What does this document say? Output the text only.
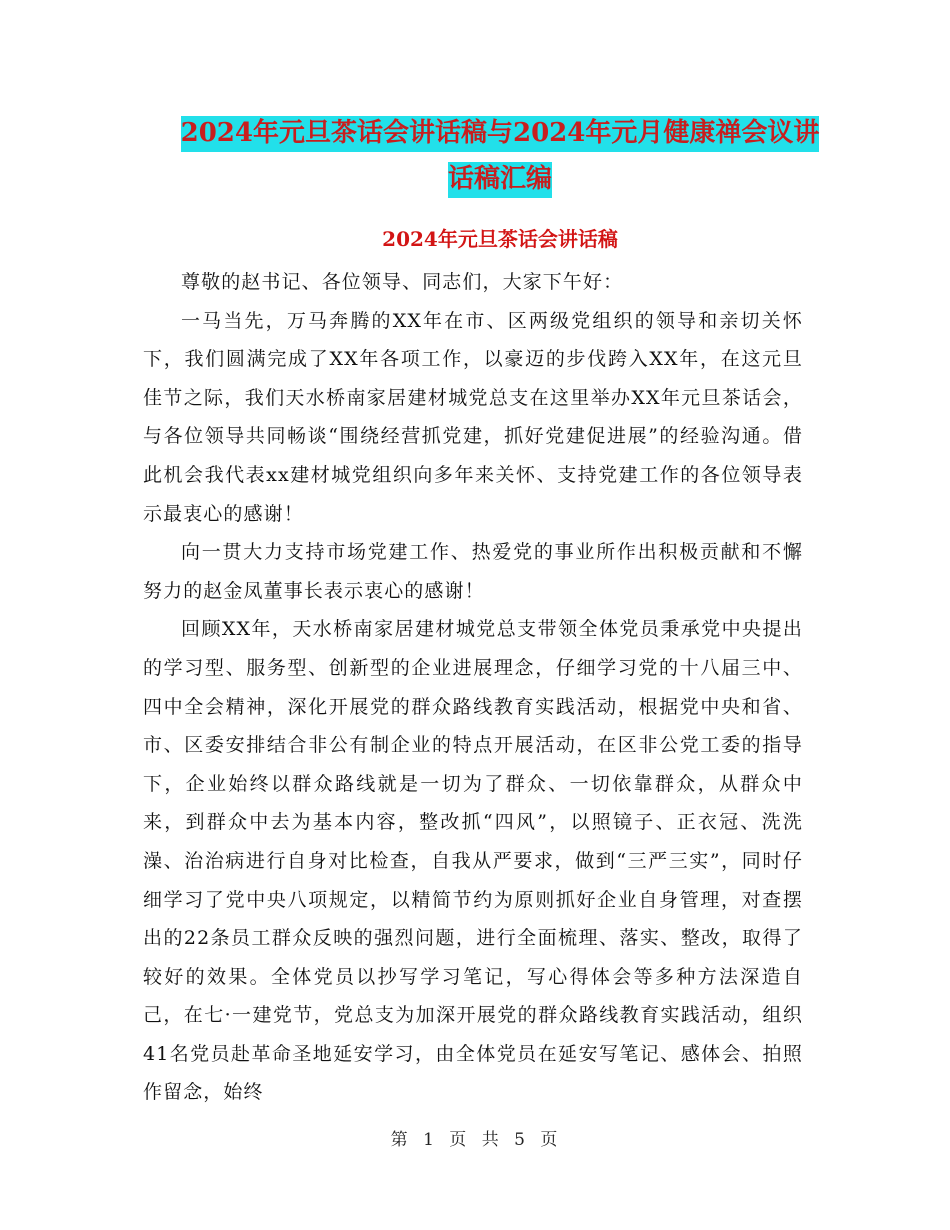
2024年元旦茶话会讲话稿与2024年元月健康禅会议讲
话稿汇编
2024年元旦茶话会讲话稿

尊敬的赵书记、各位领导、同志们，大家下午好：

一马当先，万马奔腾的XX年在市、区两级党组织的领导和亲切关怀下，我们圆满完成了XX年各项工作，以豪迈的步伐跨入XX年，在这元旦佳节之际，我们天水桥南家居建材城党总支在这里举办XX年元旦茶话会，与各位领导共同畅谈“围绕经营抓党建，抓好党建促进展”的经验沟通。借此机会我代表xx建材城党组织向多年来关怀、支持党建工作的各位领导表示最衷心的感谢！

向一贯大力支持市场党建工作、热爱党的事业所作出积极贡献和不懈努力的赵金凤董事长表示衷心的感谢！

回顾XX年，天水桥南家居建材城党总支带领全体党员秉承党中央提出的学习型、服务型、创新型的企业进展理念，仔细学习党的十八届三中、四中全会精神，深化开展党的群众路线教育实践活动，根据党中央和省、市、区委安排结合非公有制企业的特点开展活动，在区非公党工委的指导下，企业始终以群众路线就是一切为了群众、一切依靠群众，从群众中来，到群众中去为基本内容，整改抓“四风”，以照镜子、正衣冠、洗洗澡、治治病进行自身对比检查，自我从严要求，做到“三严三实”，同时仔细学习了党中央八项规定，以精简节约为原则抓好企业自身管理，对查摆出的22条员工群众反映的强烈问题，进行全面梳理、落实、整改，取得了较好的效果。全体党员以抄写学习笔记，写心得体会等多种方法深造自己，在七·一建党节，党总支为加深开展党的群众路线教育实践活动，组织41名党员赴革命圣地延安学习，由全体党员在延安写笔记、感体会、拍照作留念，始终

第 1 页 共 5 页
